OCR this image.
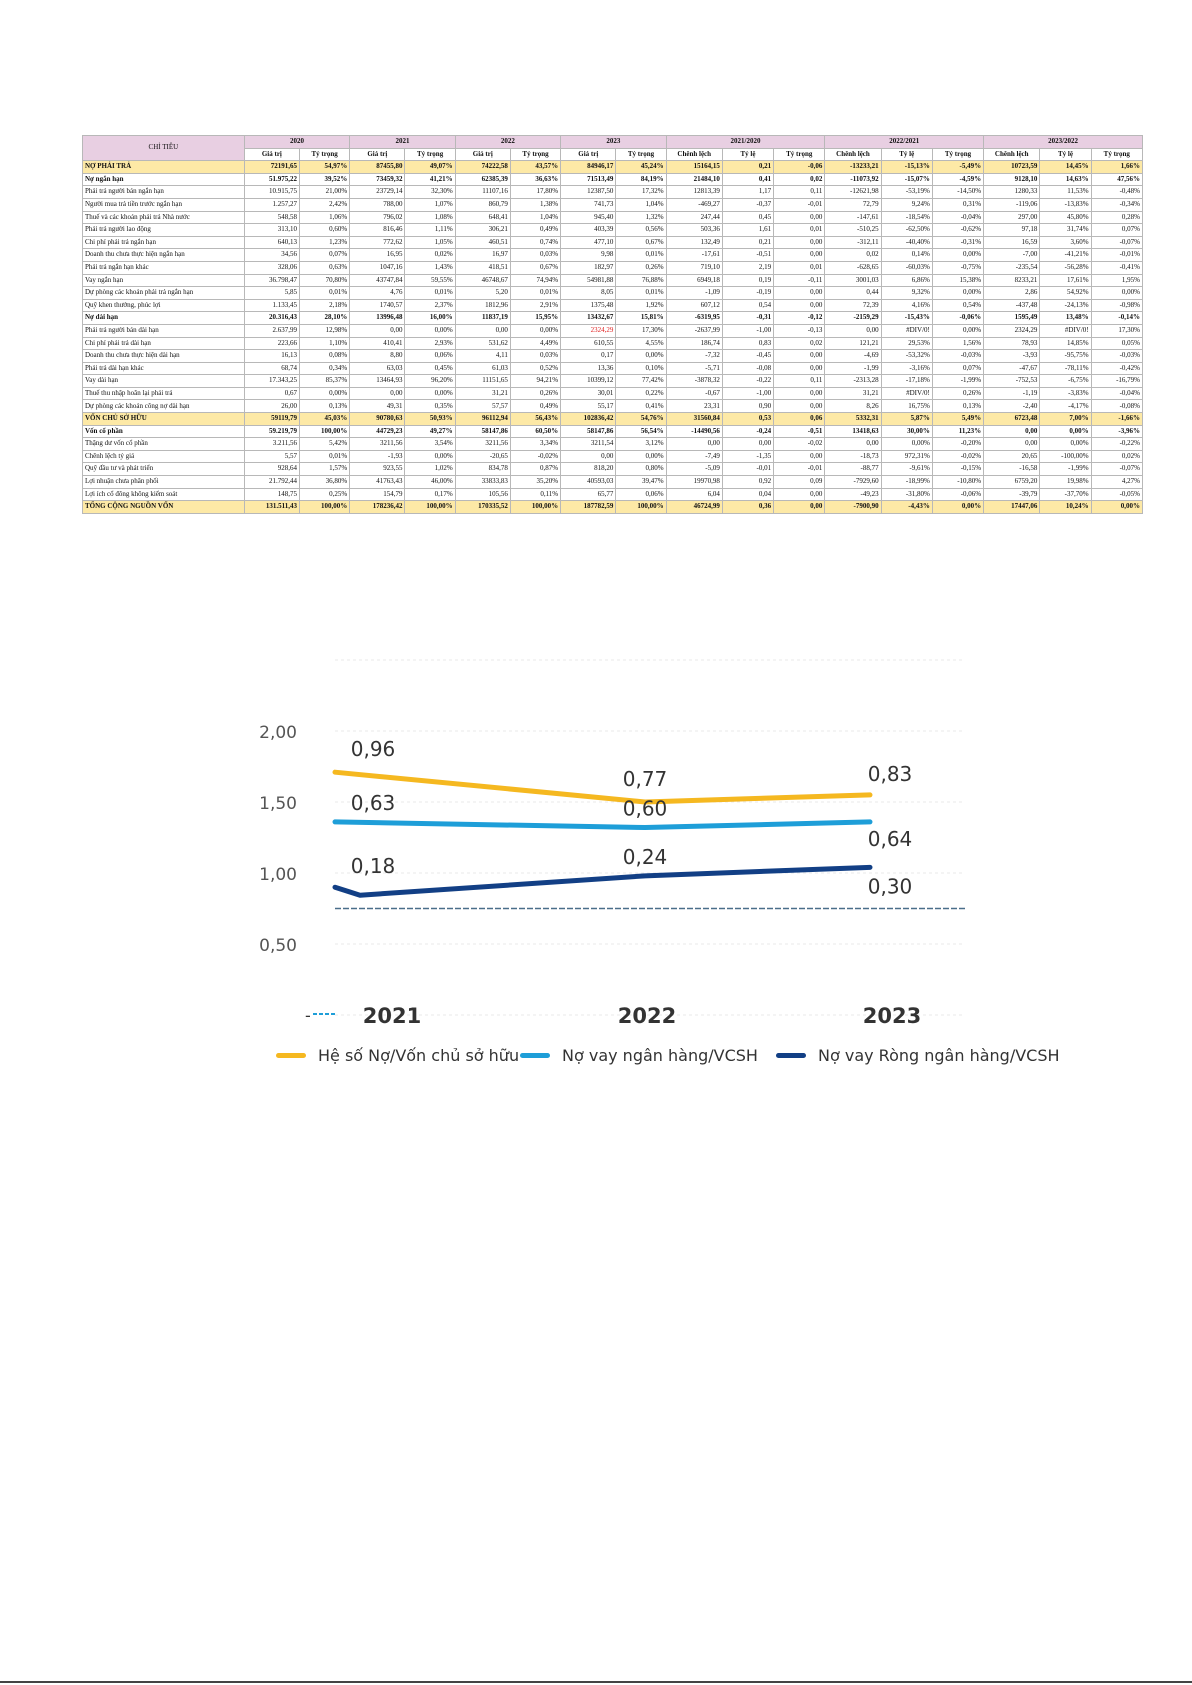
CHỈ TIÊU	2020		2021		2022		2023		2021/2020			2022/2021			2023/2022		
	Giá trị	Tỷ trọng	Giá trị	Tỷ trọng	Giá trị	Tỷ trọng	Giá trị	Tỷ trọng	Chênh lệch	Tỷ lệ	Tỷ trọng	Chênh lệch	Tỷ lệ	Tỷ trọng	Chênh lệch	Tỷ lệ	Tỷ trọng
NỢ PHẢI TRẢ	72191,65	54,97%	87455,80	49,07%	74222,58	43,57%	84946,17	45,24%	15164,15	0,21	-0,06	-13233,21	-15,13%	-5,49%	10723,59	14,45%	1,66%
Nợ ngắn hạn	51.975,22	39,52%	73459,32	41,21%	62385,39	36,63%	71513,49	84,19%	21484,10	0,41	0,02	-11073,92	-15,07%	-4,59%	9128,10	14,63%	47,56%
Phải trả người bán ngắn hạn	10.915,75	21,00%	23729,14	32,30%	11107,16	17,80%	12387,50	17,32%	12813,39	1,17	0,11	-12621,98	-53,19%	-14,50%	1280,33	11,53%	-0,48%
Người mua trả tiền trước ngắn hạn	1.257,27	2,42%	788,00	1,07%	860,79	1,38%	741,73	1,04%	-469,27	-0,37	-0,01	72,79	9,24%	0,31%	-119,06	-13,83%	-0,34%
Thuế và các khoản phải trả Nhà nước	548,58	1,06%	796,02	1,08%	648,41	1,04%	945,40	1,32%	247,44	0,45	0,00	-147,61	-18,54%	-0,04%	297,00	45,80%	0,28%
Phải trả người lao động	313,10	0,60%	816,46	1,11%	306,21	0,49%	403,39	0,56%	503,36	1,61	0,01	-510,25	-62,50%	-0,62%	97,18	31,74%	0,07%
Chi phí phải trả ngắn hạn	640,13	1,23%	772,62	1,05%	460,51	0,74%	477,10	0,67%	132,49	0,21	0,00	-312,11	-40,40%	-0,31%	16,59	3,60%	-0,07%
Doanh thu chưa thực hiện ngắn hạn	34,56	0,07%	16,95	0,02%	16,97	0,03%	9,98	0,01%	-17,61	-0,51	0,00	0,02	0,14%	0,00%	-7,00	-41,21%	-0,01%
Phải trả ngắn hạn khác	328,06	0,63%	1047,16	1,43%	418,51	0,67%	182,97	0,26%	719,10	2,19	0,01	-628,65	-60,03%	-0,75%	-235,54	-56,28%	-0,41%
Vay ngắn hạn	36.798,47	70,80%	43747,84	59,55%	46748,67	74,94%	54981,88	76,88%	6949,18	0,19	-0,11	3001,03	6,86%	15,38%	8233,21	17,61%	1,95%
Dự phòng các khoản phải trả ngắn hạn	5,85	0,01%	4,76	0,01%	5,20	0,01%	8,05	0,01%	-1,09	-0,19	0,00	0,44	9,32%	0,00%	2,86	54,92%	0,00%
Quỹ khen thưởng, phúc lợi	1.133,45	2,18%	1740,57	2,37%	1812,96	2,91%	1375,48	1,92%	607,12	0,54	0,00	72,39	4,16%	0,54%	-437,48	-24,13%	-0,98%
Nợ dài hạn	20.316,43	28,10%	13996,48	16,00%	11837,19	15,95%	13432,67	15,81%	-6319,95	-0,31	-0,12	-2159,29	-15,43%	-0,06%	1595,49	13,48%	-0,14%
Phải trả người bán dài hạn	2.637,99	12,98%	0,00	0,00%	0,00	0,00%	2324,29	17,30%	-2637,99	-1,00	-0,13	0,00	#DIV/0!	0,00%	2324,29	#DIV/0!	17,30%
Chi phí phải trả dài hạn	223,66	1,10%	410,41	2,93%	531,62	4,49%	610,55	4,55%	186,74	0,83	0,02	121,21	29,53%	1,56%	78,93	14,85%	0,05%
Doanh thu chưa thực hiện dài hạn	16,13	0,08%	8,80	0,06%	4,11	0,03%	0,17	0,00%	-7,32	-0,45	0,00	-4,69	-53,32%	-0,03%	-3,93	-95,75%	-0,03%
Phải trả dài hạn khác	68,74	0,34%	63,03	0,45%	61,03	0,52%	13,36	0,10%	-5,71	-0,08	0,00	-1,99	-3,16%	0,07%	-47,67	-78,11%	-0,42%
Vay dài hạn	17.343,25	85,37%	13464,93	96,20%	11151,65	94,21%	10399,12	77,42%	-3878,32	-0,22	0,11	-2313,28	-17,18%	-1,99%	-752,53	-6,75%	-16,79%
Thuế thu nhập hoãn lại phải trả	0,67	0,00%	0,00	0,00%	31,21	0,26%	30,01	0,22%	-0,67	-1,00	0,00	31,21	#DIV/0!	0,26%	-1,19	-3,83%	-0,04%
Dự phòng các khoản công nợ dài hạn	26,00	0,13%	49,31	0,35%	57,57	0,49%	55,17	0,41%	23,31	0,90	0,00	8,26	16,75%	0,13%	-2,40	-4,17%	-0,08%
VỐN CHỦ SỞ HỮU	59119,79	45,03%	90780,63	50,93%	96112,94	56,43%	102836,42	54,76%	31560,84	0,53	0,06	5332,31	5,87%	5,49%	6723,48	7,00%	-1,66%
Vốn cổ phần	59.219,79	100,00%	44729,23	49,27%	58147,86	60,50%	58147,86	56,54%	-14490,56	-0,24	-0,51	13418,63	30,00%	11,23%	0,00	0,00%	-3,96%
Thặng dư vốn cổ phần	3.211,56	5,42%	3211,56	3,54%	3211,56	3,34%	3211,54	3,12%	0,00	0,00	-0,02	0,00	0,00%	-0,20%	0,00	0,00%	-0,22%
Chênh lệch tỷ giá	5,57	0,01%	-1,93	0,00%	-20,65	-0,02%	0,00	0,00%	-7,49	-1,35	0,00	-18,73	972,31%	-0,02%	20,65	-100,00%	0,02%
Quỹ đầu tư và phát triển	928,64	1,57%	923,55	1,02%	834,78	0,87%	818,20	0,80%	-5,09	-0,01	-0,01	-88,77	-9,61%	-0,15%	-16,58	-1,99%	-0,07%
Lợi nhuận chưa phân phối	21.792,44	36,80%	41763,43	46,00%	33833,83	35,20%	40593,03	39,47%	19970,98	0,92	0,09	-7929,60	-18,99%	-10,80%	6759,20	19,98%	4,27%
Lợi ích cổ đông không kiểm soát	148,75	0,25%	154,79	0,17%	105,56	0,11%	65,77	0,06%	6,04	0,04	0,00	-49,23	-31,80%	-0,06%	-39,79	-37,70%	-0,05%
TỔNG CỘNG NGUỒN VỐN	131.511,43	100,00%	178236,42	100,00%	170335,52	100,00%	187782,59	100,00%	46724,99	0,36	0,00	-7900,90	-4,43%	0,00%	17447,06	10,24%	0,00%
2,00
1,50
1,00
0,50
0,96
0,77	0,83
0,63	0,60
0,64
0,18	0,24
0,30
2021	2022	2023
-
Hệ số Nợ/Vốn chủ sở hữu	Nợ vay ngân hàng/VCSH	Nợ vay Ròng ngân hàng/VCSH
